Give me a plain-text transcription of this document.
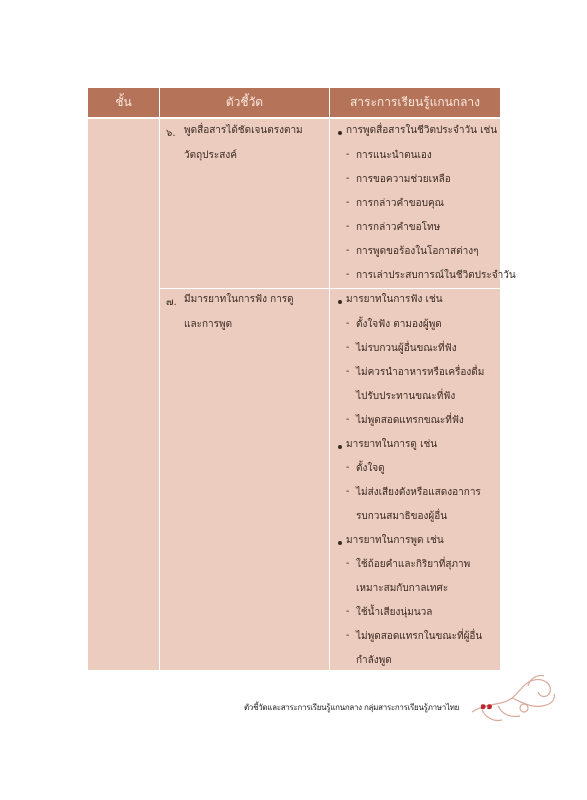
ชั้น	ตัวชี้วัด	สาระการเรียนรู้แกนกลาง
๖. พูดสื่อสารได้ชัดเจนตรงตาม
วัตถุประสงค์
การพูดสื่อสารในชีวิตประจำวัน เช่น
- การแนะนำตนเอง
- การขอความช่วยเหลือ
- การกล่าวคำขอบคุณ
- การกล่าวคำขอโทษ
- การพูดขอร้องในโอกาสต่างๆ
- การเล่าประสบการณ์ในชีวิตประจำวัน
๗. มีมารยาทในการฟัง การดู
และการพูด
มารยาทในการฟัง เช่น
- ตั้งใจฟัง ตามองผู้พูด
- ไม่รบกวนผู้อื่นขณะที่ฟัง
- ไม่ควรนำอาหารหรือเครื่องดื่ม
ไปรับประทานขณะที่ฟัง
- ไม่พูดสอดแทรกขณะที่ฟัง
มารยาทในการดู เช่น
- ตั้งใจดู
- ไม่ส่งเสียงดังหรือแสดงอาการ
รบกวนสมาธิของผู้อื่น
มารยาทในการพูด เช่น
- ใช้ถ้อยคำและกิริยาที่สุภาพ
เหมาะสมกับกาลเทศะ
- ใช้น้ำเสียงนุ่มนวล
- ไม่พูดสอดแทรกในขณะที่ผู้อื่น
กำลังพูด
ตัวชี้วัดและสาระการเรียนรู้แกนกลาง กลุ่มสาระการเรียนรู้ภาษาไทย ๑๑
